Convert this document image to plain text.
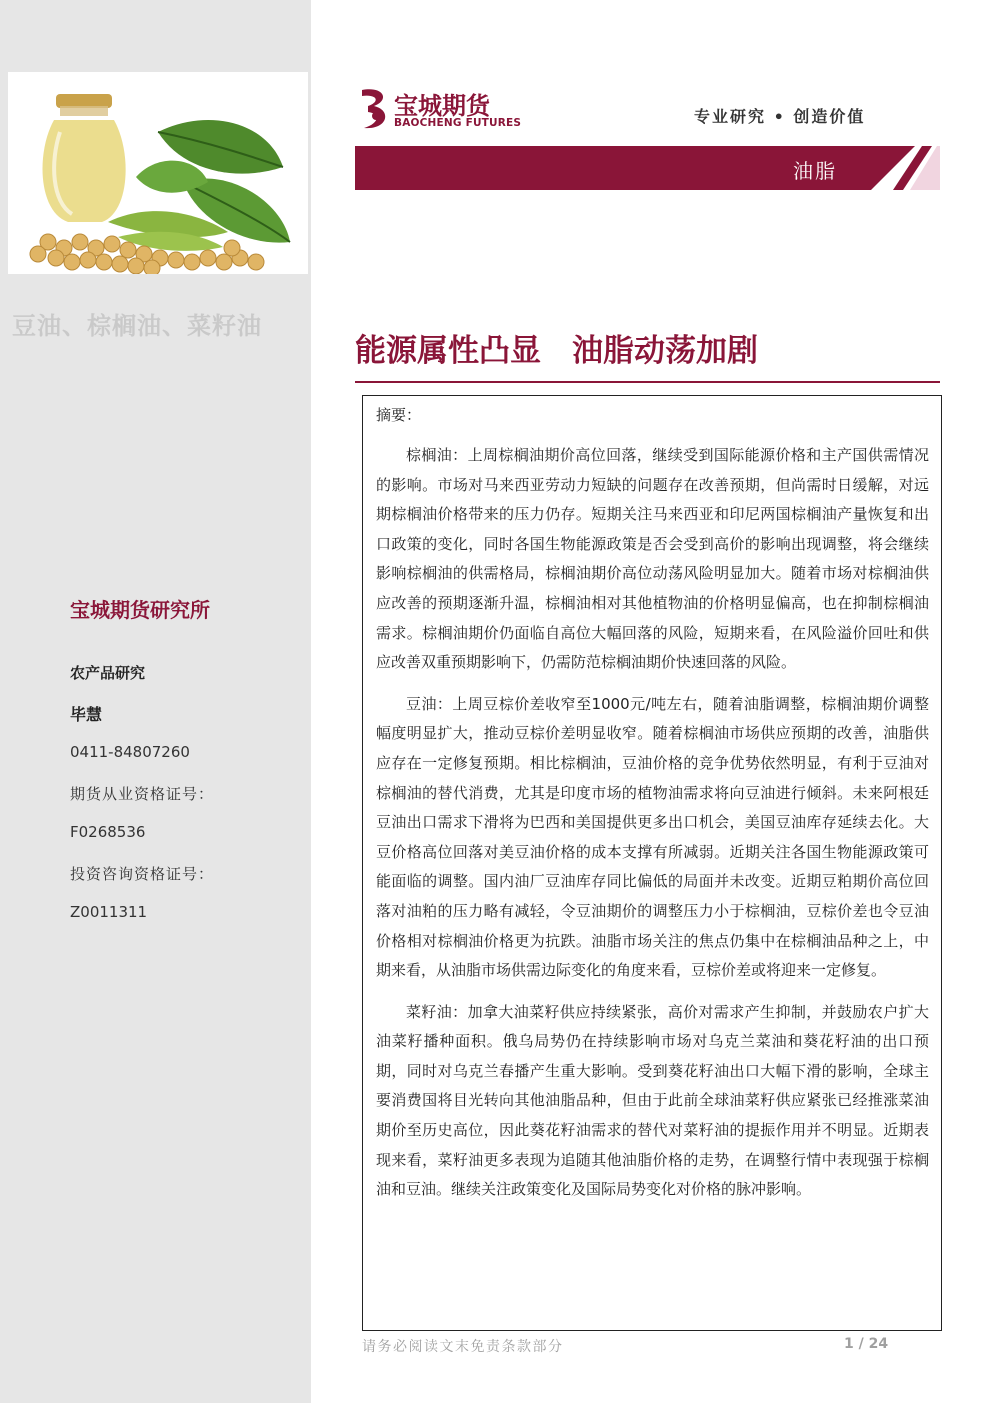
豆油、棕榈油、菜籽油
宝城期货研究所
农产品研究
毕慧
0411-84807260
期货从业资格证号：
F0268536
投资咨询资格证号：
Z0011311
宝城期货
BAOCHENG FUTURES	专业研究 • 创造价值
油脂
能源属性凸显　油脂动荡加剧
摘要：

棕榈油：上周棕榈油期价高位回落，继续受到国际能源价格和主产国供需情况的影响。市场对马来西亚劳动力短缺的问题存在改善预期，但尚需时日缓解，对远期棕榈油价格带来的压力仍存。短期关注马来西亚和印尼两国棕榈油产量恢复和出口政策的变化，同时各国生物能源政策是否会受到高价的影响出现调整，将会继续影响棕榈油的供需格局，棕榈油期价高位动荡风险明显加大。随着市场对棕榈油供应改善的预期逐渐升温，棕榈油相对其他植物油的价格明显偏高，也在抑制棕榈油需求。棕榈油期价仍面临自高位大幅回落的风险，短期来看，在风险溢价回吐和供应改善双重预期影响下，仍需防范棕榈油期价快速回落的风险。

豆油：上周豆棕价差收窄至1000元/吨左右，随着油脂调整，棕榈油期价调整幅度明显扩大，推动豆棕价差明显收窄。随着棕榈油市场供应预期的改善，油脂供应存在一定修复预期。相比棕榈油，豆油价格的竞争优势依然明显，有利于豆油对棕榈油的替代消费，尤其是印度市场的植物油需求将向豆油进行倾斜。未来阿根廷豆油出口需求下滑将为巴西和美国提供更多出口机会，美国豆油库存延续去化。大豆价格高位回落对美豆油价格的成本支撑有所减弱。近期关注各国生物能源政策可能面临的调整。国内油厂豆油库存同比偏低的局面并未改变。近期豆粕期价高位回落对油粕的压力略有减轻，令豆油期价的调整压力小于棕榈油，豆棕价差也令豆油价格相对棕榈油价格更为抗跌。油脂市场关注的焦点仍集中在棕榈油品种之上，中期来看，从油脂市场供需边际变化的角度来看，豆棕价差或将迎来一定修复。

菜籽油：加拿大油菜籽供应持续紧张，高价对需求产生抑制，并鼓励农户扩大油菜籽播种面积。俄乌局势仍在持续影响市场对乌克兰菜油和葵花籽油的出口预期，同时对乌克兰春播产生重大影响。受到葵花籽油出口大幅下滑的影响，全球主要消费国将目光转向其他油脂品种，但由于此前全球油菜籽供应紧张已经推涨菜油期价至历史高位，因此葵花籽油需求的替代对菜籽油的提振作用并不明显。近期表现来看，菜籽油更多表现为追随其他油脂价格的走势，在调整行情中表现强于棕榈油和豆油。继续关注政策变化及国际局势变化对价格的脉冲影响。

请务必阅读文末免责条款部分	1 / 24
